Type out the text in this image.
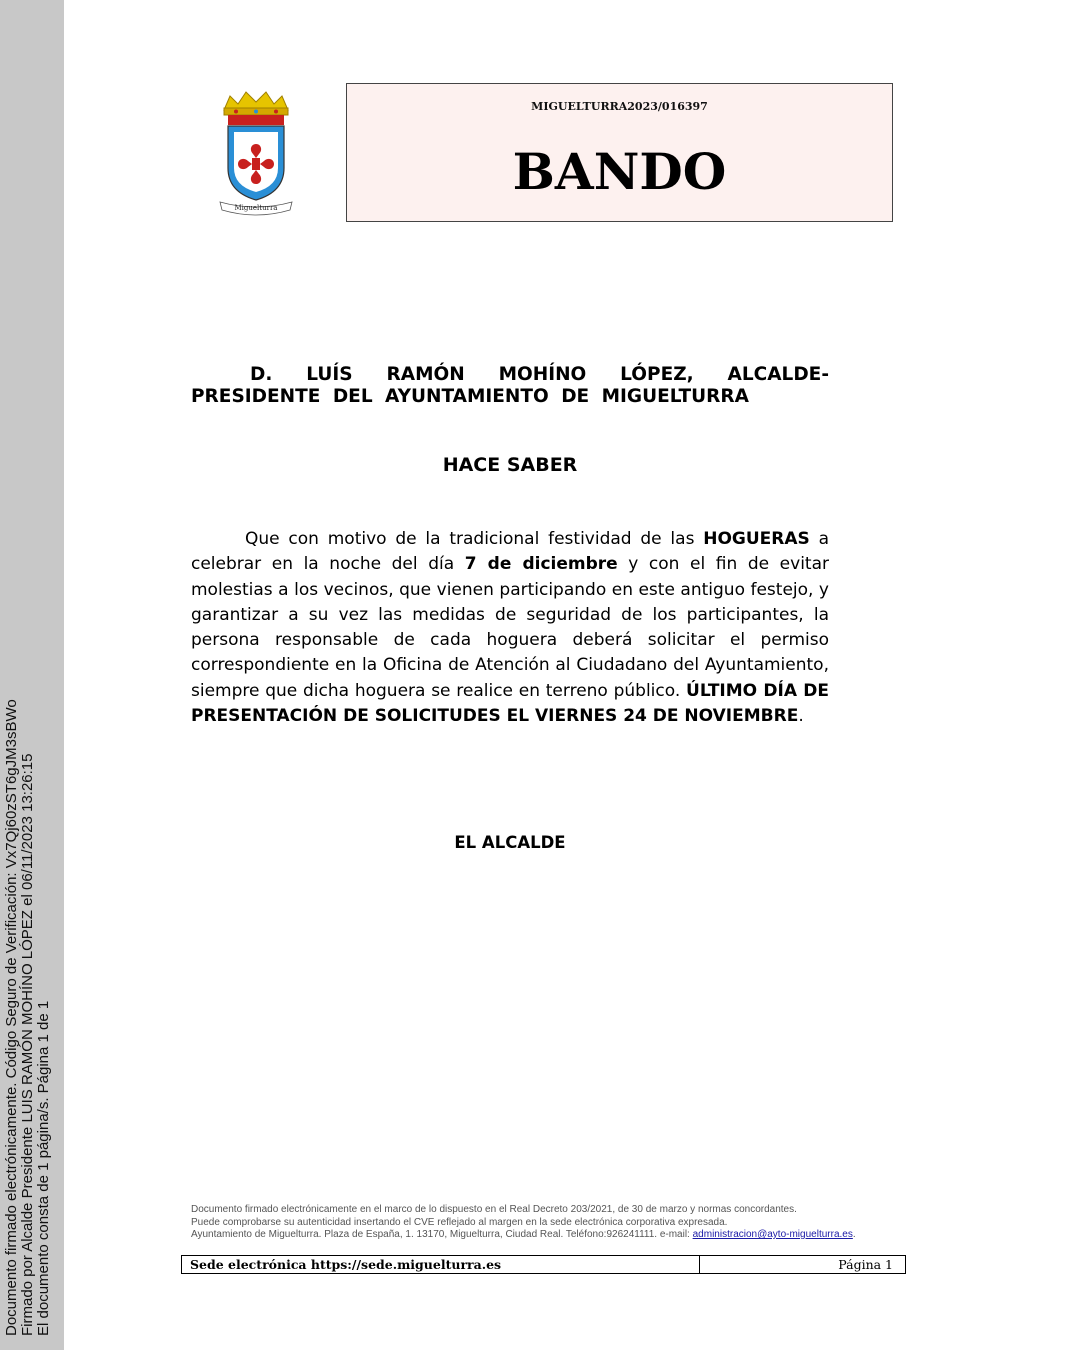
Documento firmado electrónicamente. Código Seguro de Verificación: Vx7Qj60zST6gJM3sBWo Firmado por Alcalde Presidente LUIS RAMÓN MOHÍNO LÓPEZ el 06/11/2023 13:26:15 El documento consta de 1 página/s. Página 1 de 1
Miguelturra
MIGUELTURRA2023/016397
BANDO
D. LUÍS RAMÓN MOHÍNO LÓPEZ, ALCALDE-PRESIDENTE DEL AYUNTAMIENTO DE MIGUELTURRA
HACE SABER
Que con motivo de la tradicional festividad de las HOGUERAS a celebrar en la noche del día 7 de diciembre y con el fin de evitar molestias a los vecinos, que vienen participando en este antiguo festejo, y garantizar a su vez las medidas de seguridad de los participantes, la persona responsable de cada hoguera deberá solicitar el permiso correspondiente en la Oficina de Atención al Ciudadano del Ayuntamiento, siempre que dicha hoguera se realice en terreno público. ÚLTIMO DÍA DE PRESENTACIÓN DE SOLICITUDES EL VIERNES 24 DE NOVIEMBRE.
EL ALCALDE
Documento firmado electrónicamente en el marco de lo dispuesto en el Real Decreto 203/2021, de 30 de marzo y normas concordantes.
Puede comprobarse su autenticidad insertando el CVE reflejado al margen en la sede electrónica corporativa expresada.
Ayuntamiento de Miguelturra. Plaza de España, 1. 13170, Miguelturra, Ciudad Real. Teléfono:926241111. e-mail: administracion@ayto-miguelturra.es.
Sede electrónica https://sede.miguelturra.es	Página 1
